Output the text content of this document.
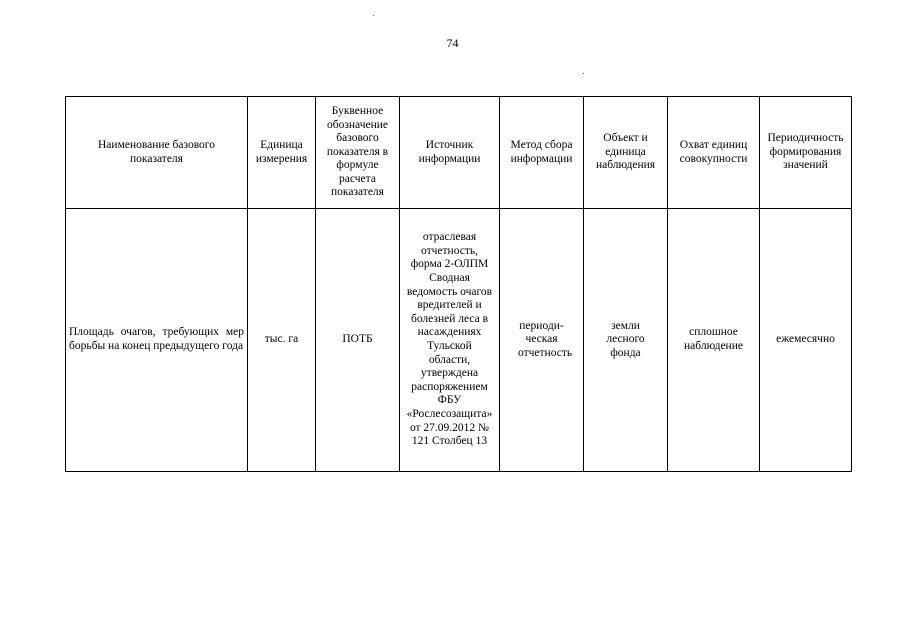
74
Наименование базового показателя	Единица измерения	Буквенное обозначение базового показателя в формуле расчета показателя	Источник информации	Метод сбора информации	Объект и единица наблюдения	Охват единиц совокупности	Периодичность формирования значений
Площадь очагов, требующих мер борьбы на конец предыдущего года	тыс. га	ПОТБ	отраслевая отчетность, форма 2-ОЛПМ Сводная ведомость очагов вредителей и болезней леса в насаждениях Тульской области, утверждена распоряжением ФБУ «Рослесозащита» от 27.09.2012 № 121 Столбец 13	периоди-ческая отчетность	земли лесного фонда	сплошное наблюдение	ежемесячно
